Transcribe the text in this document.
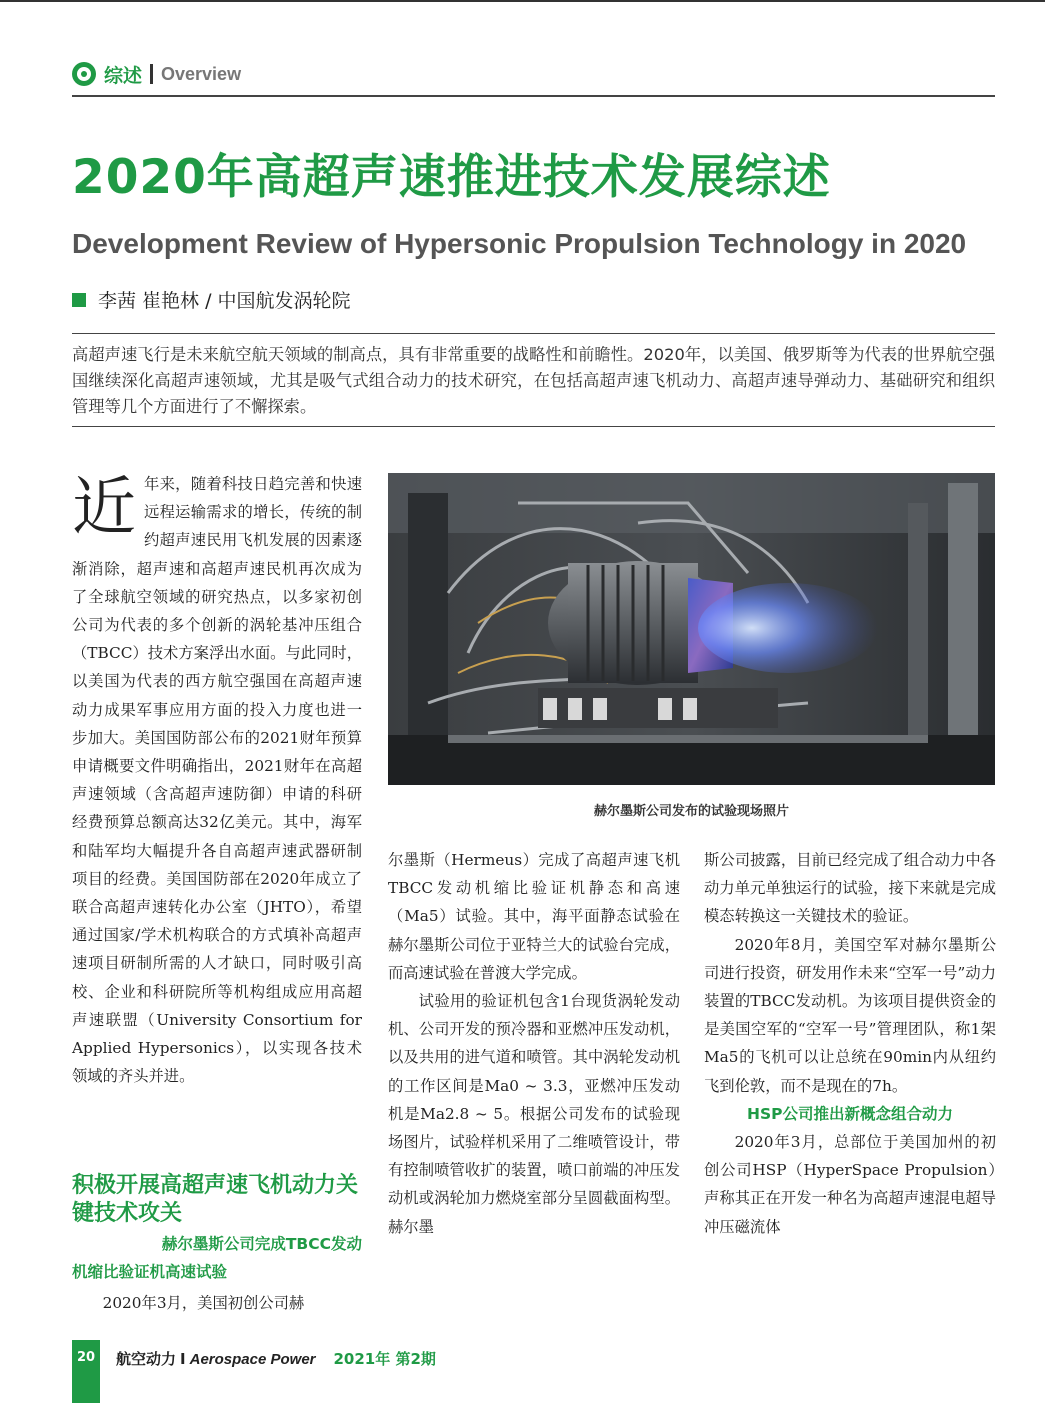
综述 Overview
2020年高超声速推进技术发展综述
Development Review of Hypersonic Propulsion Technology in 2020
李茜 崔艳林 / 中国航发涡轮院
高超声速飞行是未来航空航天领域的制高点，具有非常重要的战略性和前瞻性。2020年，以美国、俄罗斯等为代表的世界航空强国继续深化高超声速领域，尤其是吸气式组合动力的技术研究，在包括高超声速飞机动力、高超声速导弹动力、基础研究和组织管理等几个方面进行了不懈探索。
近 年来，随着科技日趋完善和快速远程运输需求的增长，传统的制约超声速民用飞机发展的因素逐渐消除，超声速和高超声速民机再次成为了全球航空领域的研究热点，以多家初创公司为代表的多个创新的涡轮基冲压组合（TBCC）技术方案浮出水面。与此同时，以美国为代表的西方航空强国在高超声速动力成果军事应用方面的投入力度也进一步加大。美国国防部公布的2021财年预算申请概要文件明确指出，2021财年在高超声速领域（含高超声速防御）申请的科研经费预算总额高达32亿美元。其中，海军和陆军均大幅提升各自高超声速武器研制项目的经费。美国国防部在2020年成立了联合高超声速转化办公室（JHTO），希望通过国家/学术机构联合的方式填补高超声速项目研制所需的人才缺口，同时吸引高校、企业和科研院所等机构组成应用高超声速联盟（University Consortium for Applied Hypersonics），以实现各技术领域的齐头并进。

赫尔墨斯公司发布的试验现场照片

尔墨斯（Hermeus）完成了高超声速飞机TBCC发动机缩比验证机静态和高速（Ma5）试验。其中，海平面静态试验在赫尔墨斯公司位于亚特兰大的试验台完成，而高速试验在普渡大学完成。

试验用的验证机包含1台现货涡轮发动机、公司开发的预冷器和亚燃冲压发动机，以及共用的进气道和喷管。其中涡轮发动机的工作区间是Ma0 ~ 3.3，亚燃冲压发动机是Ma2.8 ~ 5。根据公司发布的试验现场图片，试验样机采用了二维喷管设计，带有控制喷管收扩的装置，喷口前端的冲压发动机或涡轮加力燃烧室部分呈圆截面构型。赫尔墨

斯公司披露，目前已经完成了组合动力中各动力单元单独运行的试验，接下来就是完成模态转换这一关键技术的验证。

2020年8月，美国空军对赫尔墨斯公司进行投资，研发用作未来“空军一号”动力装置的TBCC发动机。为该项目提供资金的是美国空军的“空军一号”管理团队，称1架Ma5的飞机可以让总统在90min内从纽约飞到伦敦，而不是现在的7h。

HSP公司推出新概念组合动力

2020年3月，总部位于美国加州的初创公司HSP（HyperSpace Propulsion）声称其正在开发一种名为高超声速混电超导冲压磁流体

积极开展高超声速飞机动力关键技术攻关
赫尔墨斯公司完成TBCC发动
机缩比验证机高速试验

2020年3月，美国初创公司赫

20	航空动力 I Aerospace Power 2021年 第2期
